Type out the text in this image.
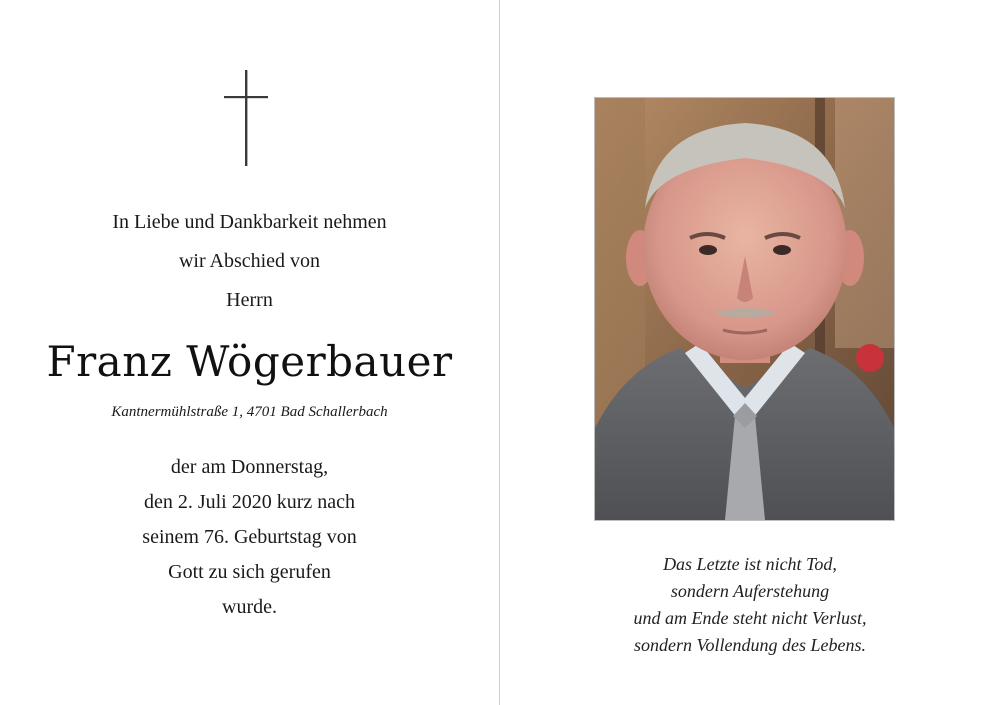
In Liebe und Dankbarkeit nehmen
wir Abschied von
Herrn
Franz Wögerbauer
Kantnermühlstraße 1, 4701 Bad Schallerbach
der am Donnerstag,
den 2. Juli 2020 kurz nach
seinem 76. Geburtstag von
Gott zu sich gerufen
wurde.
Das Letzte ist nicht Tod,
sondern Auferstehung
und am Ende steht nicht Verlust,
sondern Vollendung des Lebens.
